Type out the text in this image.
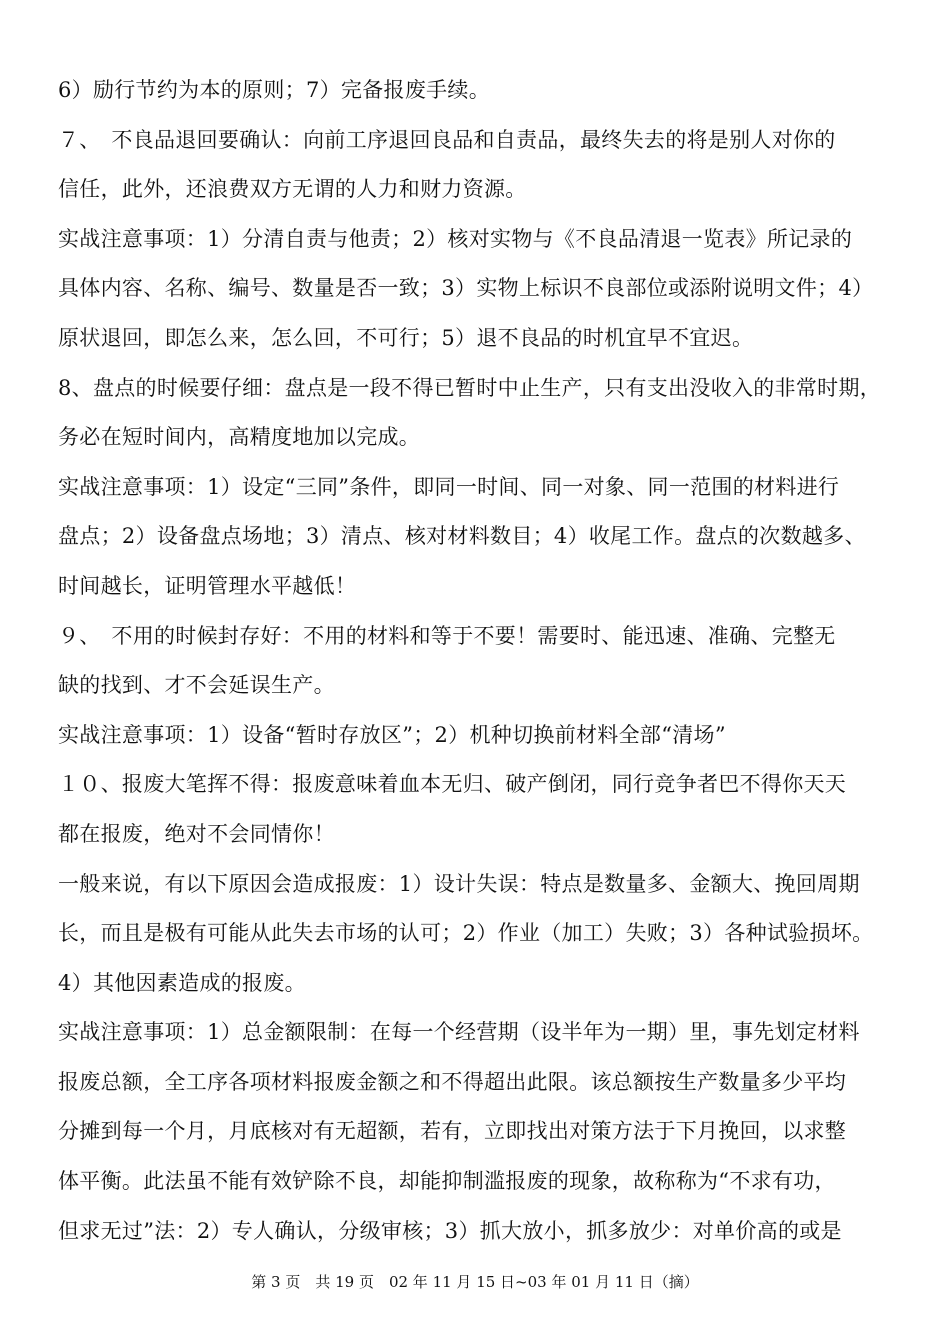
6）励行节约为本的原则；7）完备报废手续。
７、　不良品退回要确认：向前工序退回良品和自责品，最终失去的将是别人对你的
信任，此外，还浪费双方无谓的人力和财力资源。
实战注意事项：1）分清自责与他责；2）核对实物与《不良品清退一览表》所记录的
具体内容、名称、编号、数量是否一致；3）实物上标识不良部位或添附说明文件；4）
原状退回，即怎么来，怎么回，不可行；5）退不良品的时机宜早不宜迟。
8、盘点的时候要仔细：盘点是一段不得已暂时中止生产，只有支出没收入的非常时期，
务必在短时间内，高精度地加以完成。
实战注意事项：1）设定“三同”条件，即同一时间、同一对象、同一范围的材料进行
盘点；2）设备盘点场地；3）清点、核对材料数目；4）收尾工作。盘点的次数越多、
时间越长，证明管理水平越低！
９、　不用的时候封存好：不用的材料和等于不要！需要时、能迅速、准确、完整无
缺的找到、才不会延误生产。
实战注意事项：1）设备“暂时存放区”；2）机种切换前材料全部“清场”
１０、报废大笔挥不得：报废意味着血本无归、破产倒闭，同行竞争者巴不得你天天
都在报废，绝对不会同情你！
一般来说，有以下原因会造成报废：1）设计失误：特点是数量多、金额大、挽回周期
长，而且是极有可能从此失去市场的认可；2）作业（加工）失败；3）各种试验损坏。
4）其他因素造成的报废。
实战注意事项：1）总金额限制：在每一个经营期（设半年为一期）里，事先划定材料
报废总额，全工序各项材料报废金额之和不得超出此限。该总额按生产数量多少平均
分摊到每一个月，月底核对有无超额，若有，立即找出对策方法于下月挽回，以求整
体平衡。此法虽不能有效铲除不良，却能抑制滥报废的现象，故称称为“不求有功，
但求无过”法：2）专人确认，分级审核；3）抓大放小，抓多放少：对单价高的或是
第 3 页　共 19 页　02 年 11 月 15 日~03 年 01 月 11 日（摘）
